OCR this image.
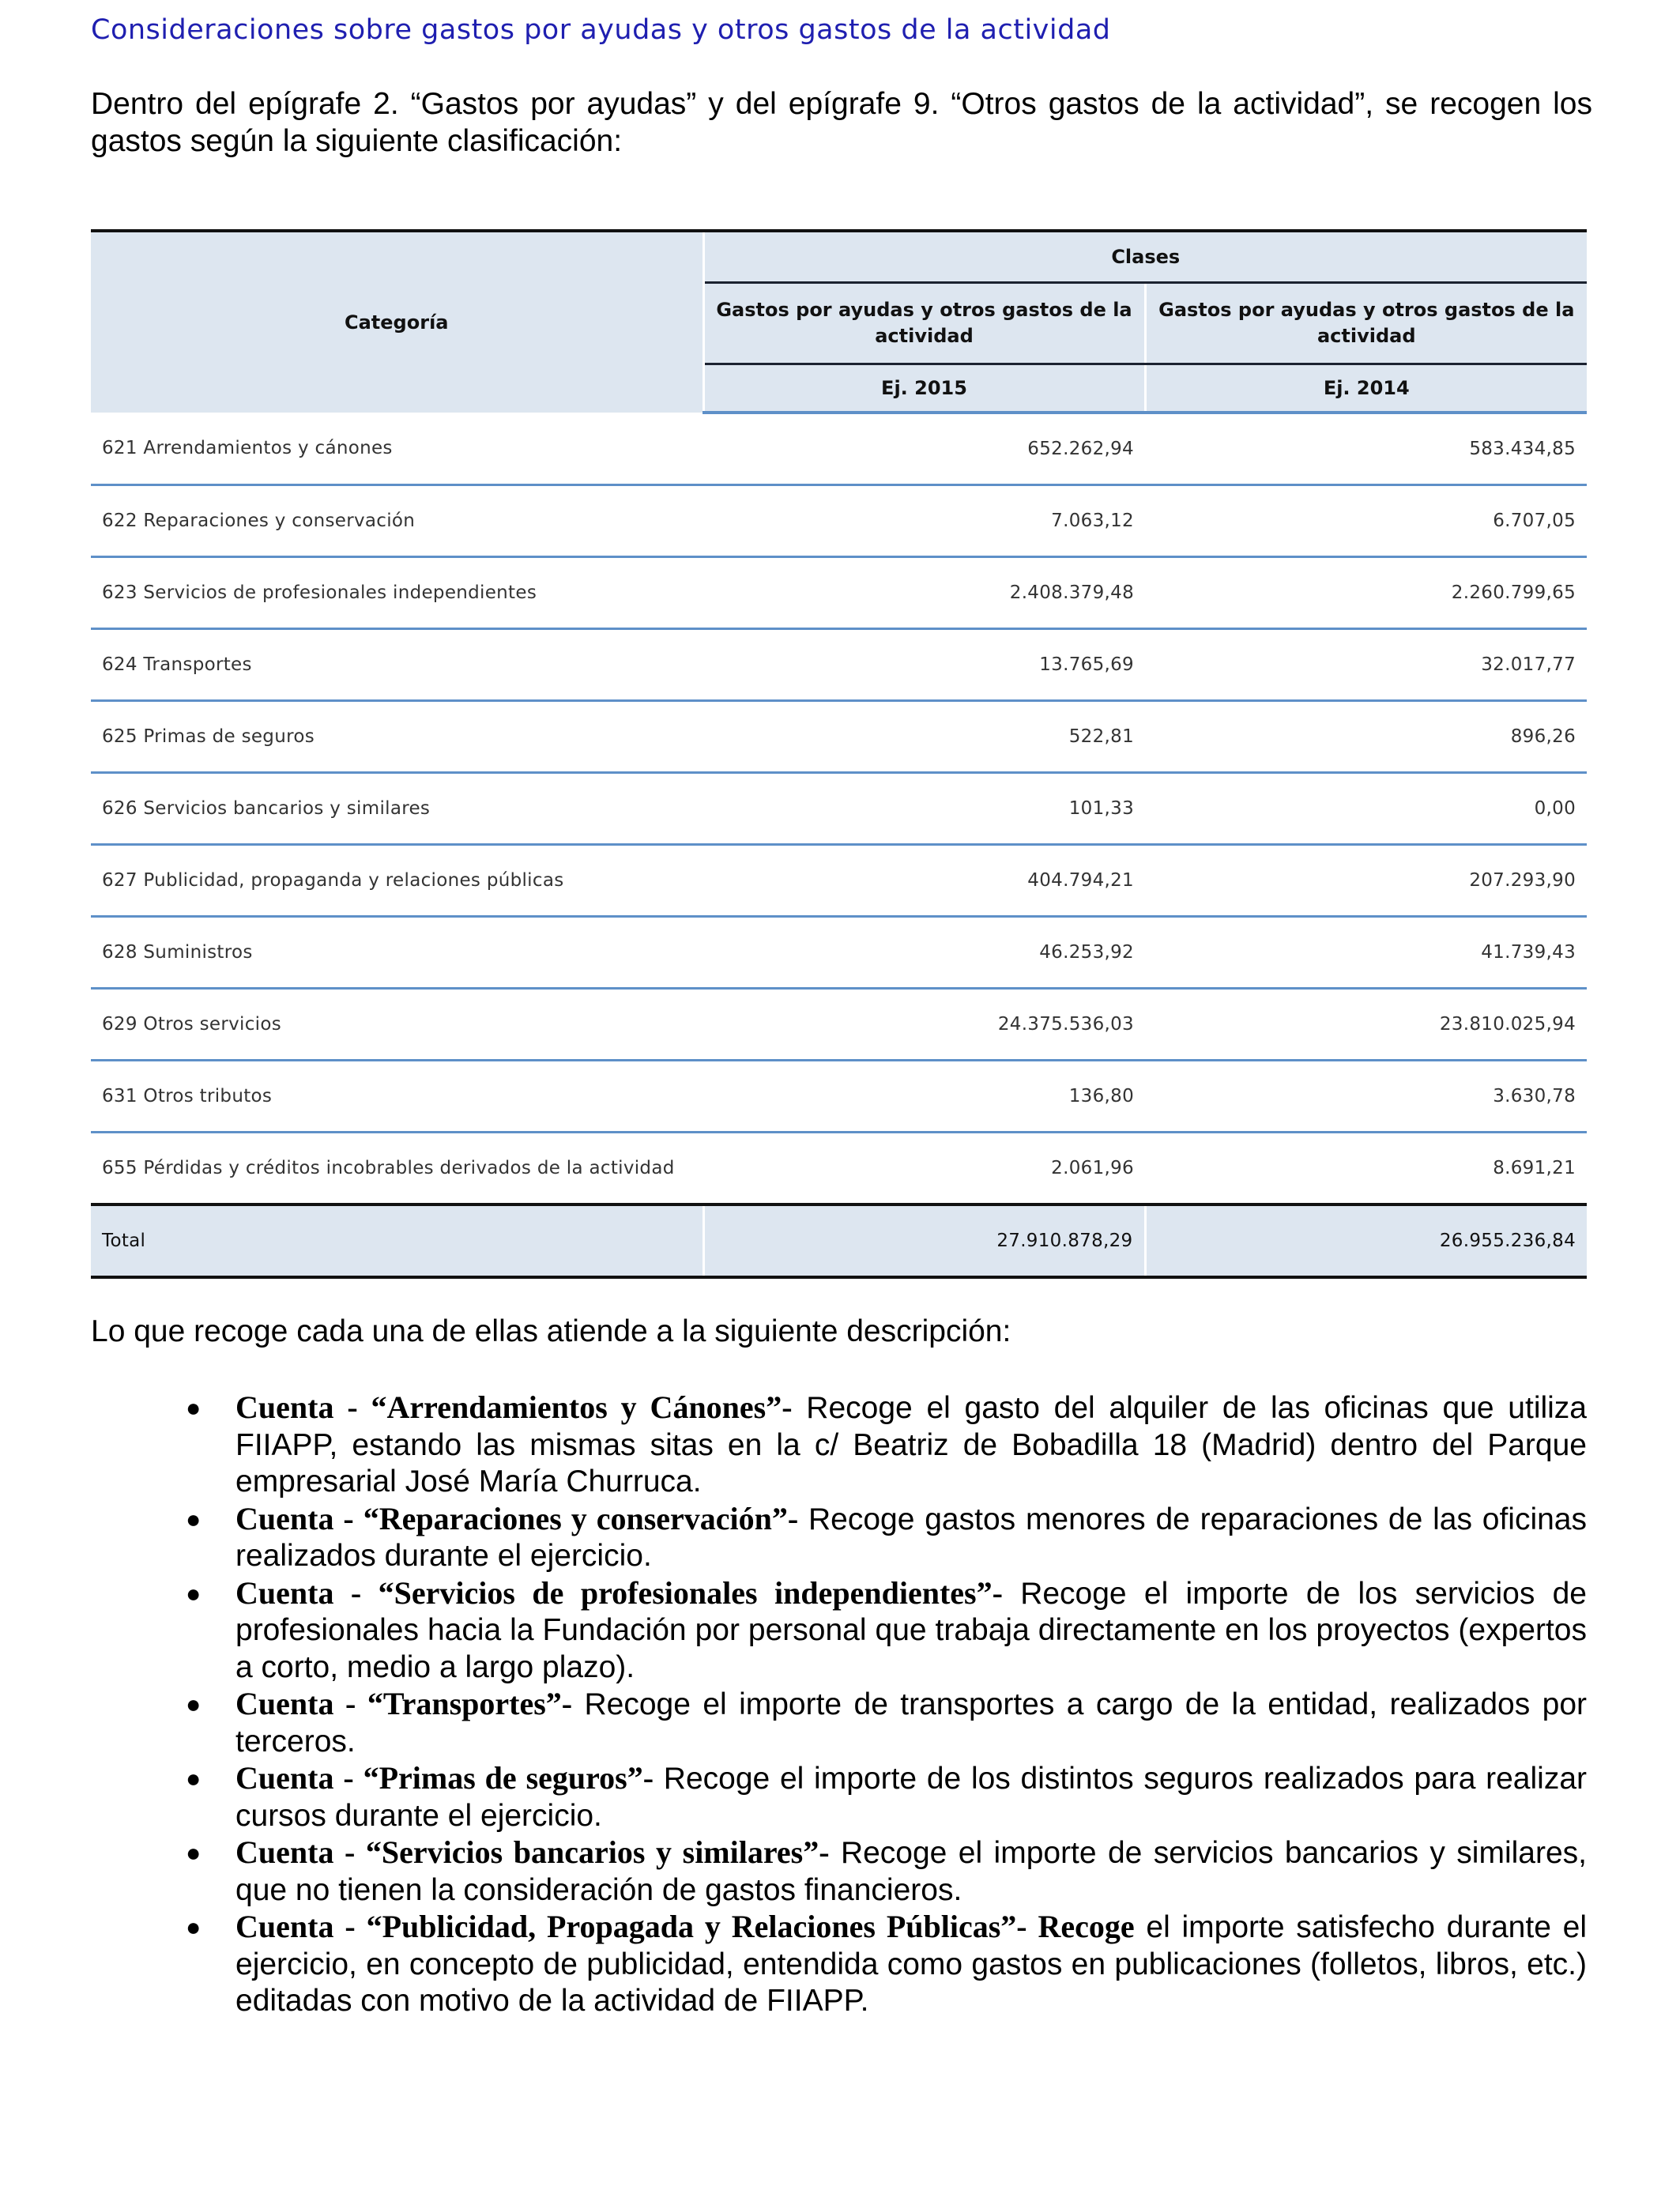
Consideraciones sobre gastos por ayudas y otros gastos de la actividad
Dentro del epígrafe 2. “Gastos por ayudas” y del epígrafe 9. “Otros gastos de la actividad”, se recogen los gastos según la siguiente clasificación:
Categoría	Clases	
	Gastos por ayudas y otros gastos de la actividad	Gastos por ayudas y otros gastos de la actividad
	Ej. 2015	Ej. 2014
621 Arrendamientos y cánones	652.262,94	583.434,85
622 Reparaciones y conservación	7.063,12	6.707,05
623 Servicios de profesionales independientes	2.408.379,48	2.260.799,65
624 Transportes	13.765,69	32.017,77
625 Primas de seguros	522,81	896,26
626 Servicios bancarios y similares	101,33	0,00
627 Publicidad, propaganda y relaciones públicas	404.794,21	207.293,90
628 Suministros	46.253,92	41.739,43
629 Otros servicios	24.375.536,03	23.810.025,94
631 Otros tributos	136,80	3.630,78
655 Pérdidas y créditos incobrables derivados de la actividad	2.061,96	8.691,21
Total	27.910.878,29	26.955.236,84
Lo que recoge cada una de ellas atiende a la siguiente descripción:
● Cuenta - “Arrendamientos y Cánones”- Recoge el gasto del alquiler de las oficinas que utiliza FIIAPP, estando las mismas sitas en la c/ Beatriz de Bobadilla 18 (Madrid) dentro del Parque empresarial José María Churruca.
● Cuenta - “Reparaciones y conservación”- Recoge gastos menores de reparaciones de las oficinas realizados durante el ejercicio.
● Cuenta - “Servicios de profesionales independientes”- Recoge el importe de los servicios de profesionales hacia la Fundación por personal que trabaja directamente en los proyectos (expertos a corto, medio a largo plazo).
● Cuenta - “Transportes”- Recoge el importe de transportes a cargo de la entidad, realizados por terceros.
● Cuenta - “Primas de seguros”- Recoge el importe de los distintos seguros realizados para realizar cursos durante el ejercicio.
● Cuenta - “Servicios bancarios y similares”- Recoge el importe de servicios bancarios y similares, que no tienen la consideración de gastos financieros.
● Cuenta - “Publicidad, Propagada y Relaciones Públicas”- Recoge el importe satisfecho durante el ejercicio, en concepto de publicidad, entendida como gastos en publicaciones (folletos, libros, etc.) editadas con motivo de la actividad de FIIAPP.
